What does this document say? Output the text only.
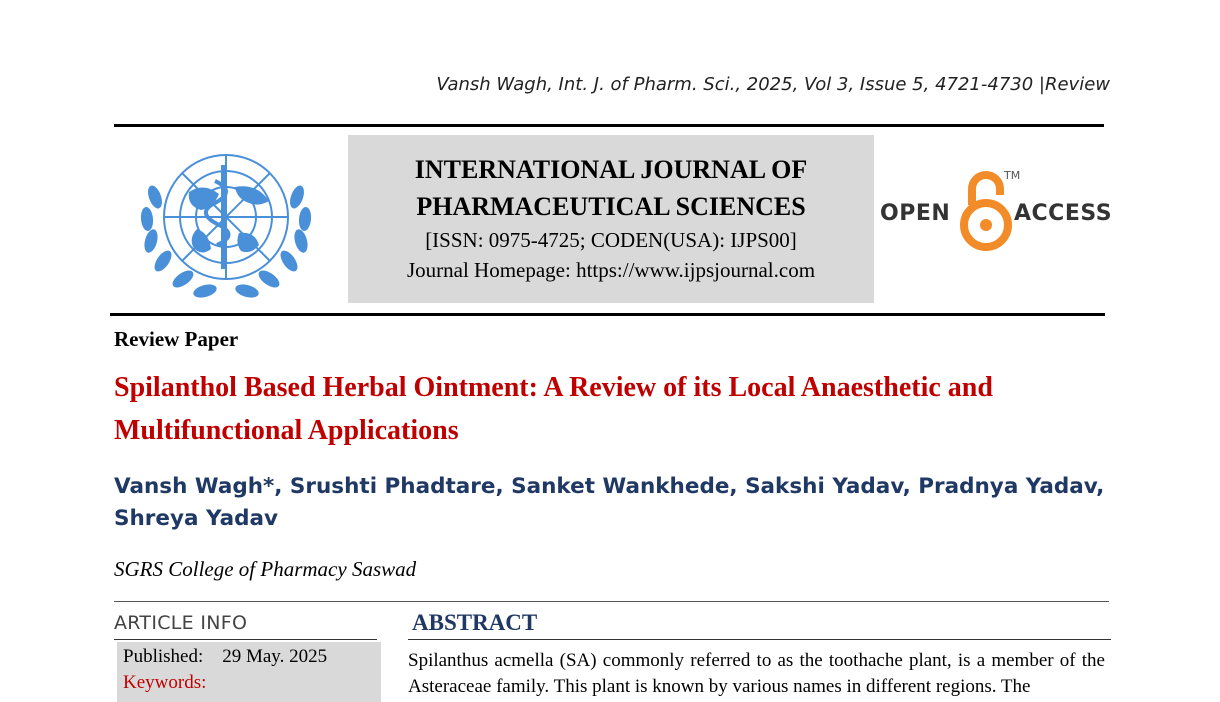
Vansh Wagh, Int. J. of Pharm. Sci., 2025, Vol 3, Issue 5, 4721-4730 |Review
INTERNATIONAL JOURNAL OF
PHARMACEUTICAL SCIENCES
[ISSN: 0975-4725; CODEN(USA): IJPS00]
Journal Homepage: https://www.ijpsjournal.com
OPEN	ACCESS
TM
Review Paper
Spilanthol Based Herbal Ointment: A Review of its Local Anaesthetic and Multifunctional Applications
Vansh Wagh*, Srushti Phadtare, Sanket Wankhede, Sakshi Yadav, Pradnya Yadav, Shreya Yadav
SGRS College of Pharmacy Saswad
ARTICLE INFO
Published: 29 May. 2025
Keywords:
ABSTRACT
Spilanthus acmella (SA) commonly referred to as the toothache plant, is a member of the Asteraceae family. This plant is known by various names in different regions. The
